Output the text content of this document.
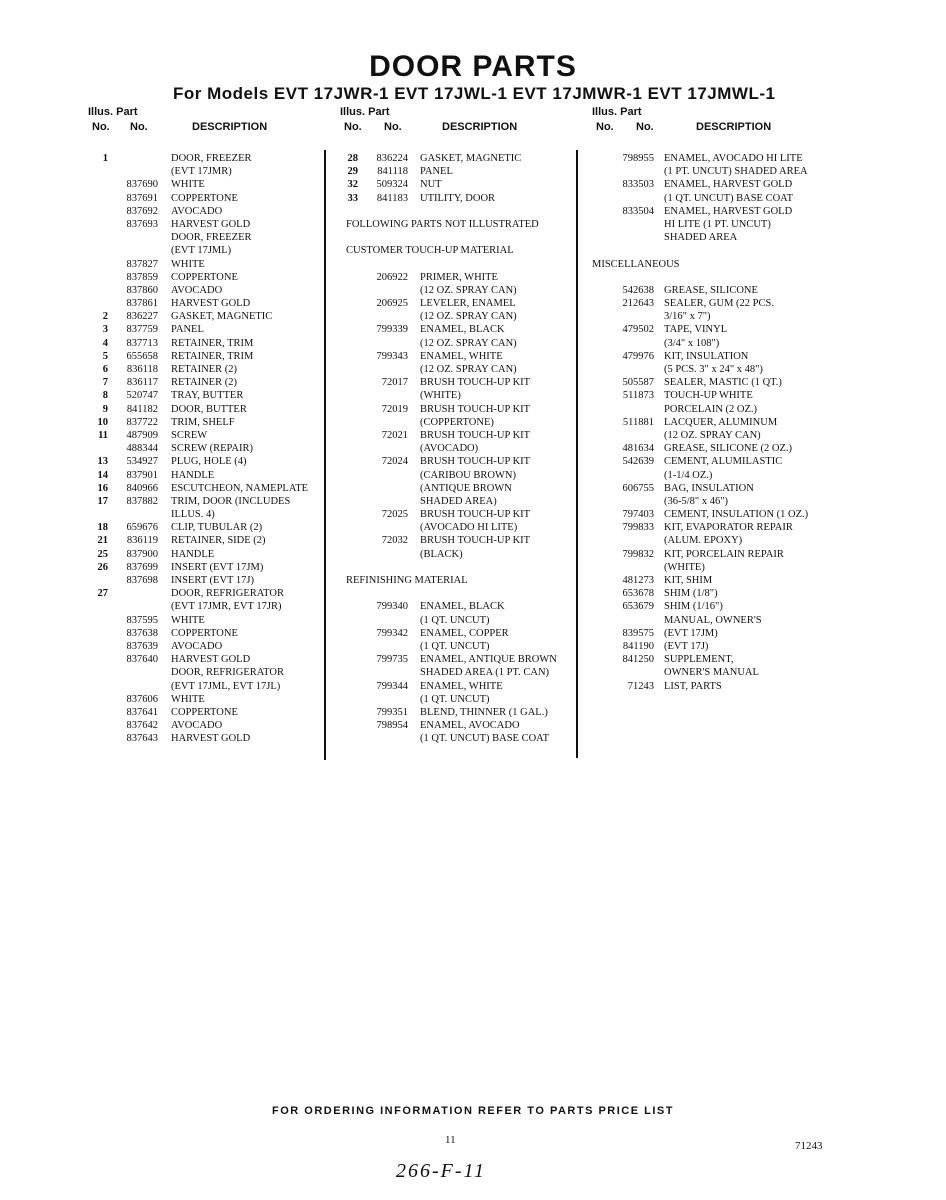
DOOR PARTS
For Models EVT 17JWR-1 EVT 17JWL-1 EVT 17JMWR-1 EVT 17JMWL-1
Illus. Part
No. No.	DESCRIPTION
Illus. Part
No. No.	DESCRIPTION
Illus. Part
No. No.	DESCRIPTION
1	DOOR, FREEZER
(EVT 17JMR)
837690 WHITE
837691 COPPERTONE
837692 AVOCADO
837693 HARVEST GOLD
DOOR, FREEZER
(EVT 17JML)
837827 WHITE
837859 COPPERTONE
837860 AVOCADO
837861 HARVEST GOLD
2 836227 GASKET, MAGNETIC
3 837759 PANEL
4 837713 RETAINER, TRIM
5 655658 RETAINER, TRIM
6 836118 RETAINER (2)
7 836117 RETAINER (2)
8 520747 TRAY, BUTTER
9 841182 DOOR, BUTTER
10 837722 TRIM, SHELF
11 487909 SCREW
488344 SCREW (REPAIR)
13 534927 PLUG, HOLE (4)
14 837901 HANDLE
16 840966 ESCUTCHEON, NAMEPLATE
17 837882 TRIM, DOOR (INCLUDES
ILLUS. 4)
18 659676 CLIP, TUBULAR (2)
21 836119 RETAINER, SIDE (2)
25 837900 HANDLE
26 837699 INSERT (EVT 17JM)
837698 INSERT (EVT 17J)
27	DOOR, REFRIGERATOR
(EVT 17JMR, EVT 17JR)
837595 WHITE
837638 COPPERTONE
837639 AVOCADO
837640 HARVEST GOLD
DOOR, REFRIGERATOR
(EVT 17JML, EVT 17JL)
837606 WHITE
837641 COPPERTONE
837642 AVOCADO
837643 HARVEST GOLD
28 836224 GASKET, MAGNETIC
29 841118 PANEL
32 509324 NUT
33 841183 UTILITY, DOOR
FOLLOWING PARTS NOT ILLUSTRATED
CUSTOMER TOUCH-UP MATERIAL
206922 PRIMER, WHITE
(12 OZ. SPRAY CAN)
206925 LEVELER, ENAMEL
(12 OZ. SPRAY CAN)
799339 ENAMEL, BLACK
(12 OZ. SPRAY CAN)
799343 ENAMEL, WHITE
(12 OZ. SPRAY CAN)
72017 BRUSH TOUCH-UP KIT
(WHITE)
72019 BRUSH TOUCH-UP KIT
(COPPERTONE)
72021 BRUSH TOUCH-UP KIT
(AVOCADO)
72024 BRUSH TOUCH-UP KIT
(CARIBOU BROWN)
(ANTIQUE BROWN
SHADED AREA)
72025 BRUSH TOUCH-UP KIT
(AVOCADO HI LITE)
72032 BRUSH TOUCH-UP KIT
(BLACK)
REFINISHING MATERIAL
799340 ENAMEL, BLACK
(1 QT. UNCUT)
799342 ENAMEL, COPPER
(1 QT. UNCUT)
799735 ENAMEL, ANTIQUE BROWN
SHADED AREA (1 PT. CAN)
799344 ENAMEL, WHITE
(1 QT. UNCUT)
799351 BLEND, THINNER (1 GAL.)
798954 ENAMEL, AVOCADO
(1 QT. UNCUT) BASE COAT
798955 ENAMEL, AVOCADO HI LITE
(1 PT. UNCUT) SHADED AREA
833503 ENAMEL, HARVEST GOLD
(1 QT. UNCUT) BASE COAT
833504 ENAMEL, HARVEST GOLD
HI LITE (1 PT. UNCUT)
SHADED AREA
MISCELLANEOUS
542638 GREASE, SILICONE
212643 SEALER, GUM (22 PCS.
3/16" x 7")
479502 TAPE, VINYL
(3/4" x 108")
479976 KIT, INSULATION
(5 PCS. 3" x 24" x 48")
505587 SEALER, MASTIC (1 QT.)
511873 TOUCH-UP WHITE
PORCELAIN (2 OZ.)
511881 LACQUER, ALUMINUM
(12 OZ. SPRAY CAN)
481634 GREASE, SILICONE (2 OZ.)
542639 CEMENT, ALUMILASTIC
(1-1/4 OZ.)
606755 BAG, INSULATION
(36-5/8" x 46")
797403 CEMENT, INSULATION (1 OZ.)
799833 KIT, EVAPORATOR REPAIR
(ALUM. EPOXY)
799832 KIT, PORCELAIN REPAIR
(WHITE)
481273 KIT, SHIM
653678 SHIM (1/8")
653679 SHIM (1/16")
MANUAL, OWNER'S
839575 (EVT 17JM)
841190 (EVT 17J)
841250 SUPPLEMENT,
OWNER'S MANUAL
71243 LIST, PARTS
FOR ORDERING INFORMATION REFER TO PARTS PRICE LIST
11	71243
266-F-11
